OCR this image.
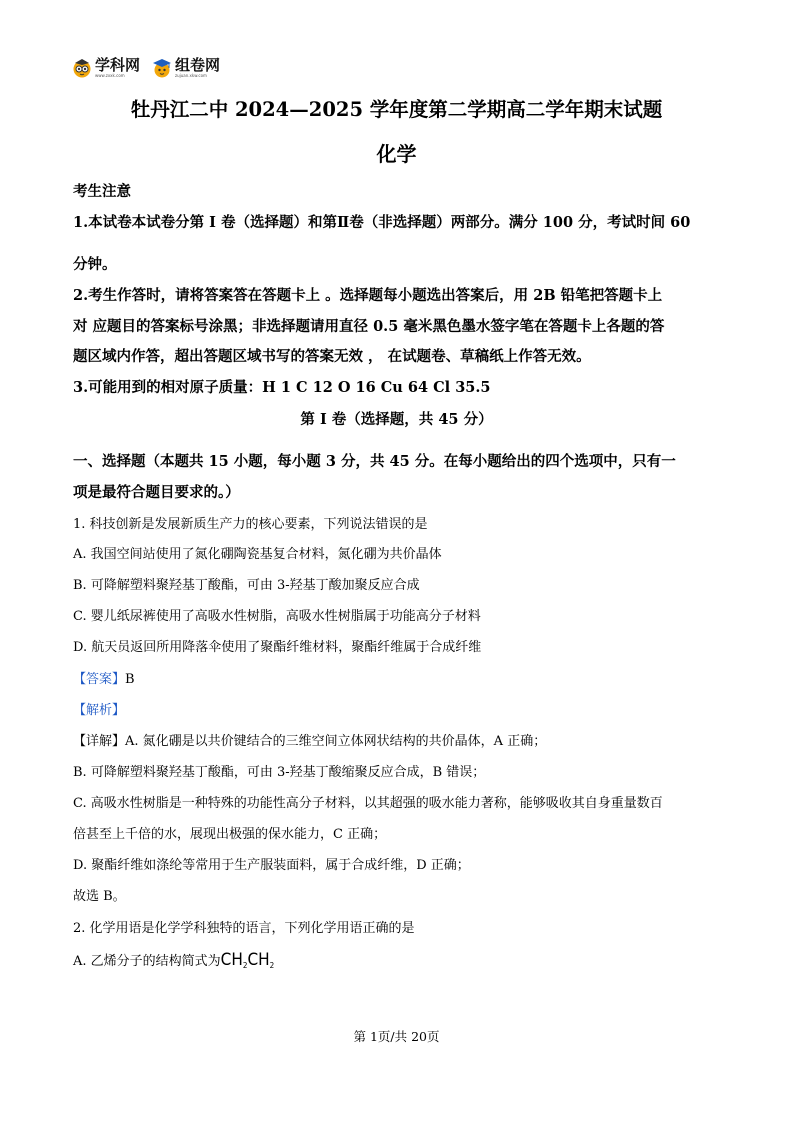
学科网
www.zxxk.com
组卷网
zujuan.xkw.com
牡丹江二中 2024—2025 学年度第二学期高二学年期末试题
化学
考生注意
1.本试卷本试卷分第 I 卷（选择题）和第Ⅱ卷（非选择题）两部分。满分 100 分，考试时间 60
分钟。
2.考生作答时，请将答案答在答题卡上 。选择题每小题选出答案后，用 2B 铅笔把答题卡上
对 应题目的答案标号涂黑；非选择题请用直径 0.5 毫米黑色墨水签字笔在答题卡上各题的答
题区域内作答，超出答题区域书写的答案无效 ， 在试题卷、草稿纸上作答无效。
3.可能用到的相对原子质量：H 1 C 12 O 16 Cu 64 Cl 35.5
第 I 卷（选择题，共 45 分）
一、选择题（本题共 15 小题，每小题 3 分，共 45 分。在每小题给出的四个选项中，只有一
项是最符合题目要求的。）
1. 科技创新是发展新质生产力的核心要素，下列说法错误的是
A. 我国空间站使用了氮化硼陶瓷基复合材料，氮化硼为共价晶体
B. 可降解塑料聚羟基丁酸酯，可由 3-羟基丁酸加聚反应合成
C. 婴儿纸尿裤使用了高吸水性树脂，高吸水性树脂属于功能高分子材料
D. 航天员返回所用降落伞使用了聚酯纤维材料，聚酯纤维属于合成纤维
【答案】B
【解析】
【详解】A. 氮化硼是以共价键结合的三维空间立体网状结构的共价晶体，A 正确；
B. 可降解塑料聚羟基丁酸酯，可由 3-羟基丁酸缩聚反应合成，B 错误；
C. 高吸水性树脂是一种特殊的功能性高分子材料，以其超强的吸水能力著称，能够吸收其自身重量数百
倍甚至上千倍的水，展现出极强的保水能力，C 正确；
D. 聚酯纤维如涤纶等常用于生产服装面料，属于合成纤维，D 正确；
故选 B。
2. 化学用语是化学学科独特的语言，下列化学用语正确的是
A. 乙烯分子的结构简式为$CH_2CH_2$
第 1页/共 20页
